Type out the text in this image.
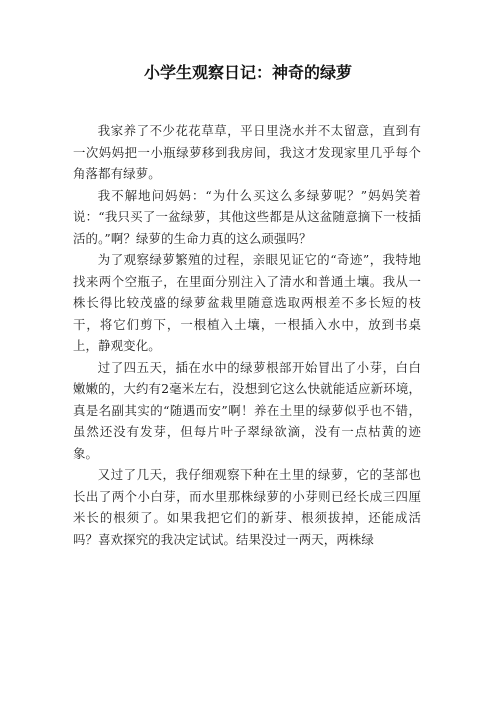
小学生观察日记：神奇的绿萝

我家养了不少花花草草，平日里浇水并不太留意，直到有一次妈妈把一小瓶绿萝移到我房间，我这才发现家里几乎每个角落都有绿萝。

我不解地问妈妈：“为什么买这么多绿萝呢？”妈妈笑着说：“我只买了一盆绿萝，其他这些都是从这盆随意摘下一枝插活的。”啊？绿萝的生命力真的这么顽强吗？

为了观察绿萝繁殖的过程，亲眼见证它的“奇迹”，我特地找来两个空瓶子，在里面分别注入了清水和普通土壤。我从一株长得比较茂盛的绿萝盆栽里随意选取两根差不多长短的枝干，将它们剪下，一根植入土壤，一根插入水中，放到书桌上，静观变化。

过了四五天，插在水中的绿萝根部开始冒出了小芽，白白嫩嫩的，大约有2毫米左右，没想到它这么快就能适应新环境，真是名副其实的“随遇而安”啊！养在土里的绿萝似乎也不错，虽然还没有发芽，但每片叶子翠绿欲滴，没有一点枯黄的迹象。

又过了几天，我仔细观察下种在土里的绿萝，它的茎部也长出了两个小白芽，而水里那株绿萝的小芽则已经长成三四厘米长的根须了。如果我把它们的新芽、根须拔掉，还能成活吗？喜欢探究的我决定试试。结果没过一两天，两株绿
